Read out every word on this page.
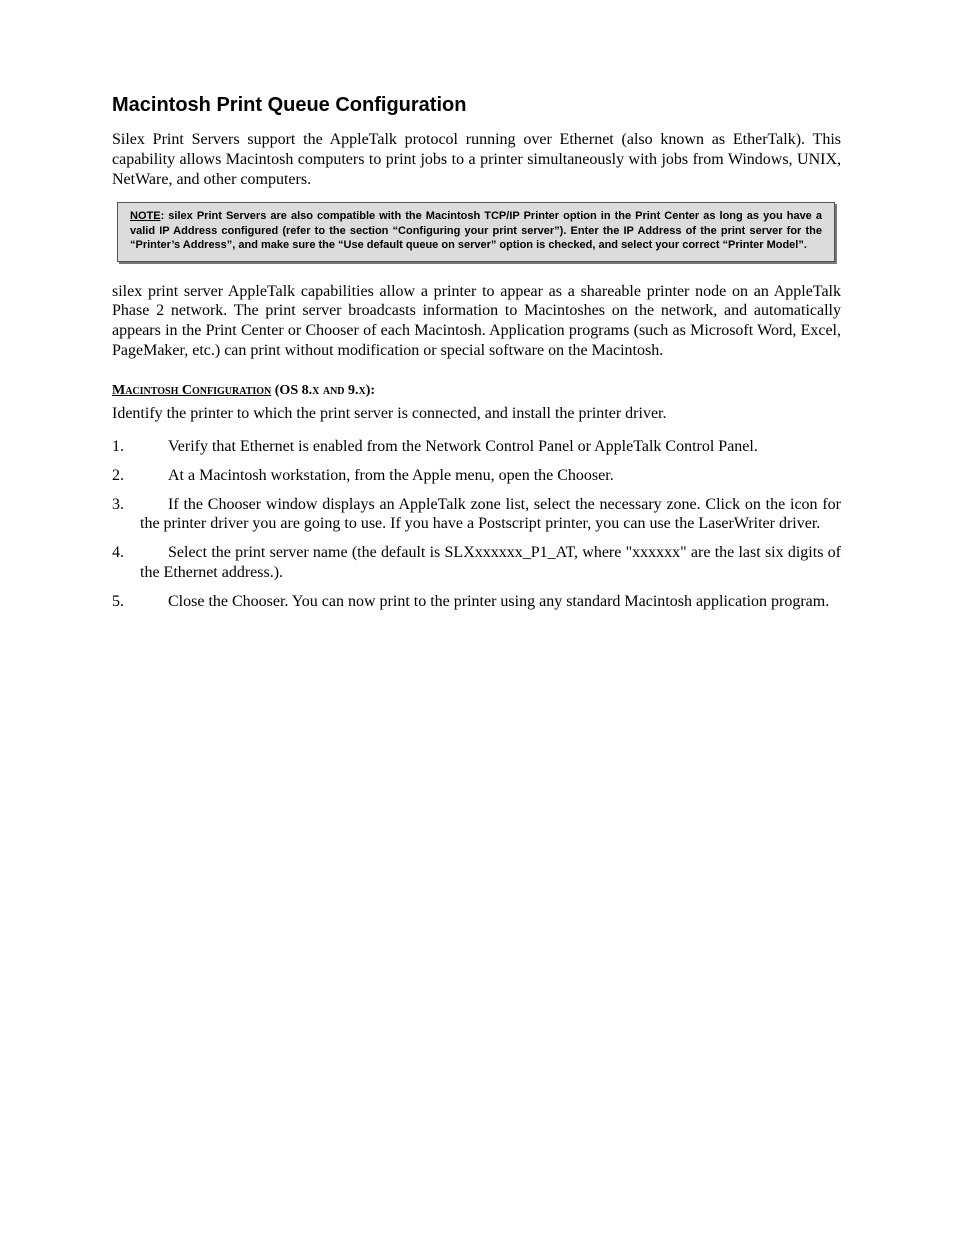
Macintosh Print Queue Configuration

Silex Print Servers support the AppleTalk protocol running over Ethernet (also known as EtherTalk). This capability allows Macintosh computers to print jobs to a printer simultaneously with jobs from Windows, UNIX, NetWare, and other computers.

NOTE: silex Print Servers are also compatible with the Macintosh TCP/IP Printer option in the Print Center as long as you have a valid IP Address configured (refer to the section “Configuring your print server”). Enter the IP Address of the print server for the “Printer’s Address”, and make sure the “Use default queue on server” option is checked, and select your correct “Printer Model”.

silex print server AppleTalk capabilities allow a printer to appear as a shareable printer node on an AppleTalk Phase 2 network. The print server broadcasts information to Macintoshes on the network, and automatically appears in the Print Center or Chooser of each Macintosh. Application programs (such as Microsoft Word, Excel, PageMaker, etc.) can print without modification or special software on the Macintosh.

Macintosh Configuration (OS 8.x and 9.x):

Identify the printer to which the print server is connected, and install the printer driver.

1.	Verify that Ethernet is enabled from the Network Control Panel or AppleTalk Control Panel.
2.	At a Macintosh workstation, from the Apple menu, open the Chooser.
3.	If the Chooser window displays an AppleTalk zone list, select the necessary zone. Click on the icon for the printer driver you are going to use. If you have a Postscript printer, you can use the LaserWriter driver.
4.	Select the print server name (the default is SLXxxxxxx_P1_AT, where "xxxxxx" are the last six digits of the Ethernet address.).
5.	Close the Chooser. You can now print to the printer using any standard Macintosh application program.
